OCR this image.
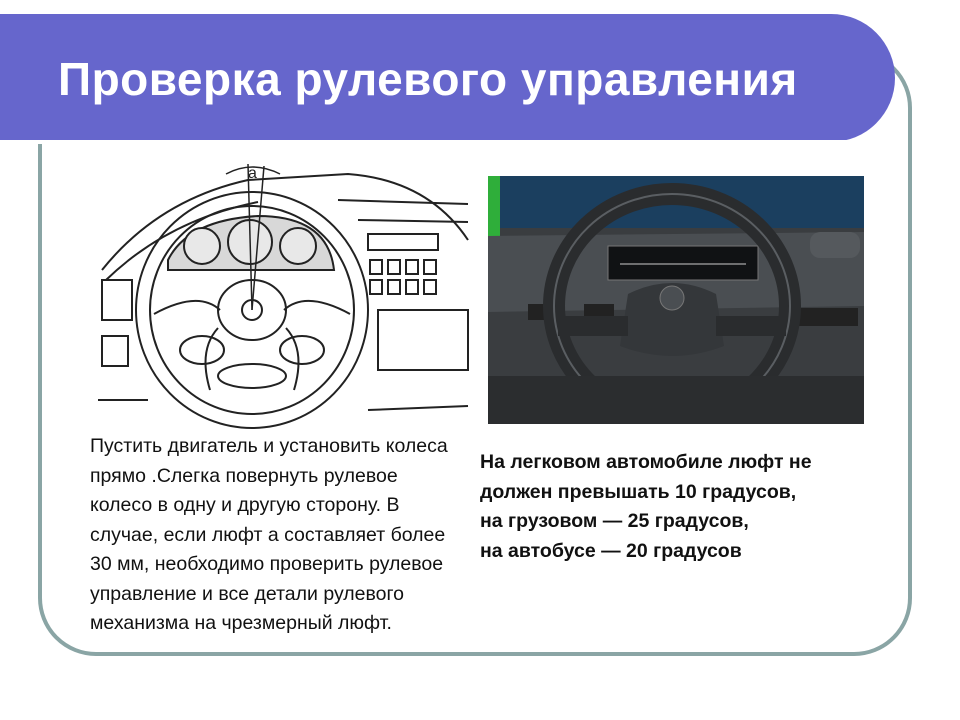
Проверка рулевого управления
а

Пустить двигатель и установить колеса прямо .Слегка повернуть рулевое колесо в одну и другую сторону. В случае, если люфт а составляет более 30 мм, необходимо проверить рулевое управление и все детали рулевого механизма на чрезмерный люфт.

На легковом автомобиле люфт не
должен превышать 10 градусов,
на грузовом — 25 градусов,
на автобусе — 20 градусов
